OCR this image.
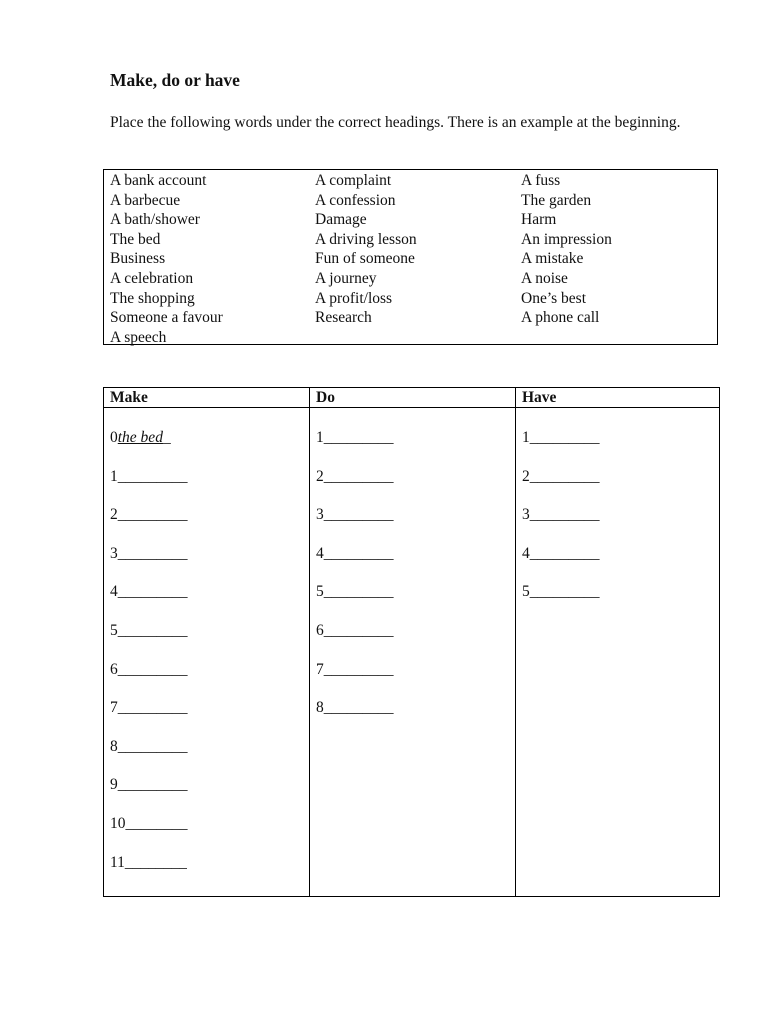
Make, do or have

Place the following words under the correct headings. There is an example at the beginning.

A bank account
A barbecue
A bath/shower
The bed
Business
A celebration
The shopping
Someone a favour
A speech
A complaint
A confession
Damage
A driving lesson
Fun of someone
A journey
A profit/loss
Research
A fuss
The garden
Harm
An impression
A mistake
A noise
One’s best
A phone call
Make
0the bed_
1_________
2_________
3_________
4_________
5_________
6_________
7_________
8_________
9_________
10________
11________
Do
1_________
2_________
3_________
4_________
5_________
6_________
7_________
8_________
Have
1_________
2_________
3_________
4_________
5_________
